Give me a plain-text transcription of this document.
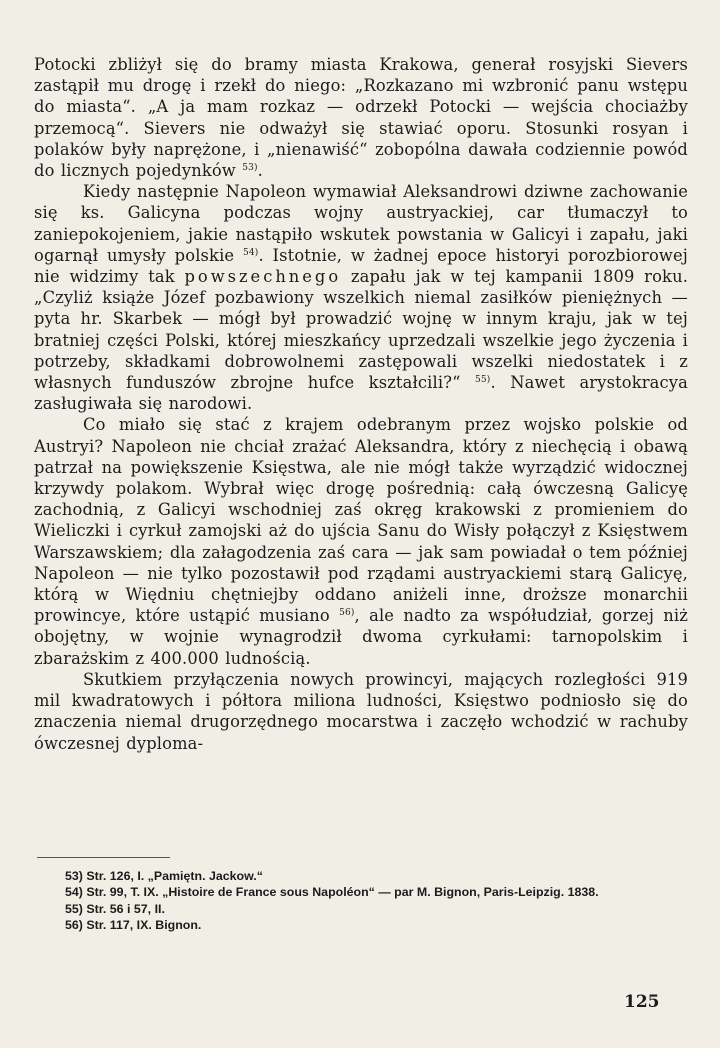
Potocki zbliżył się do bramy miasta Krakowa, generał rosyjski Sievers zastąpił mu drogę i rzekł do niego: „Rozkazano mi wzbronić panu wstępu do miasta“. „A ja mam rozkaz — odrzekł Potocki — wejścia chociażby przemocą“. Sievers nie odważył się stawiać oporu. Stosunki rosyan i polaków były naprężone, i „nienawiść“ zobopólna dawała codziennie powód do licznych pojedynków $^{53)}$.

Kiedy następnie Napoleon wymawiał Aleksandrowi dziwne zachowanie się ks. Galicyna podczas wojny austryackiej, car tłumaczył to zaniepokojeniem, jakie nastąpiło wskutek powstania w Galicyi i zapału, jaki ogarnął umysły polskie $^{54)}$. Istotnie, w żadnej epoce historyi porozbiorowej nie widzimy tak powszechnego zapału jak w tej kampanii 1809 roku. „Czyliż książe Józef pozbawiony wszelkich niemal zasiłków pieniężnych — pyta hr. Skarbek — mógł był prowadzić wojnę w innym kraju, jak w tej bratniej części Polski, której mieszkańcy uprzedzali wszelkie jego życzenia i potrzeby, składkami dobrowolnemi zastępowali wszelki niedostatek i z własnych funduszów zbrojne hufce kształcili?“ $^{55)}$. Nawet arystokracya zasługiwała się narodowi.

Co miało się stać z krajem odebranym przez wojsko polskie od Austryi? Napoleon nie chciał zrażać Aleksandra, który z niechęcią i obawą patrzał na powiększenie Księstwa, ale nie mógł także wyrządzić widocznej krzywdy polakom. Wybrał więc drogę pośrednią: całą ówczesną Galicyę zachodnią, z Galicyi wschodniej zaś okręg krakowski z promieniem do Wieliczki i cyrkuł zamojski aż do ujścia Sanu do Wisły połączył z Księstwem Warszawskiem; dla załagodzenia zaś cara — jak sam powiadał o tem później Napoleon — nie tylko pozostawił pod rządami austryackiemi starą Galicyę, którą w Więdniu chętniejby oddano aniżeli inne, droższe monarchii prowincye, które ustąpić musiano $^{56)}$, ale nadto za współudział, gorzej niż obojętny, w wojnie wynagrodził dwoma cyrkułami: tarnopolskim i zbarażskim z 400.000 ludnością.

Skutkiem przyłączenia nowych prowincyi, mających rozległości 919 mil kwadratowych i półtora miliona ludności, Księstwo podniosło się do znaczenia niemal drugorzędnego mocarstwa i zaczęło wchodzić w rachuby ówczesnej dyploma-

53) Str. 126, I. „Pamiętn. Jackow.“

54) Str. 99, T. IX. „Histoire de France sous Napoléon“ — par M. Bignon, Paris-Leipzig. 1838.

55) Str. 56 i 57, II.

56) Str. 117, IX. Bignon.

125
